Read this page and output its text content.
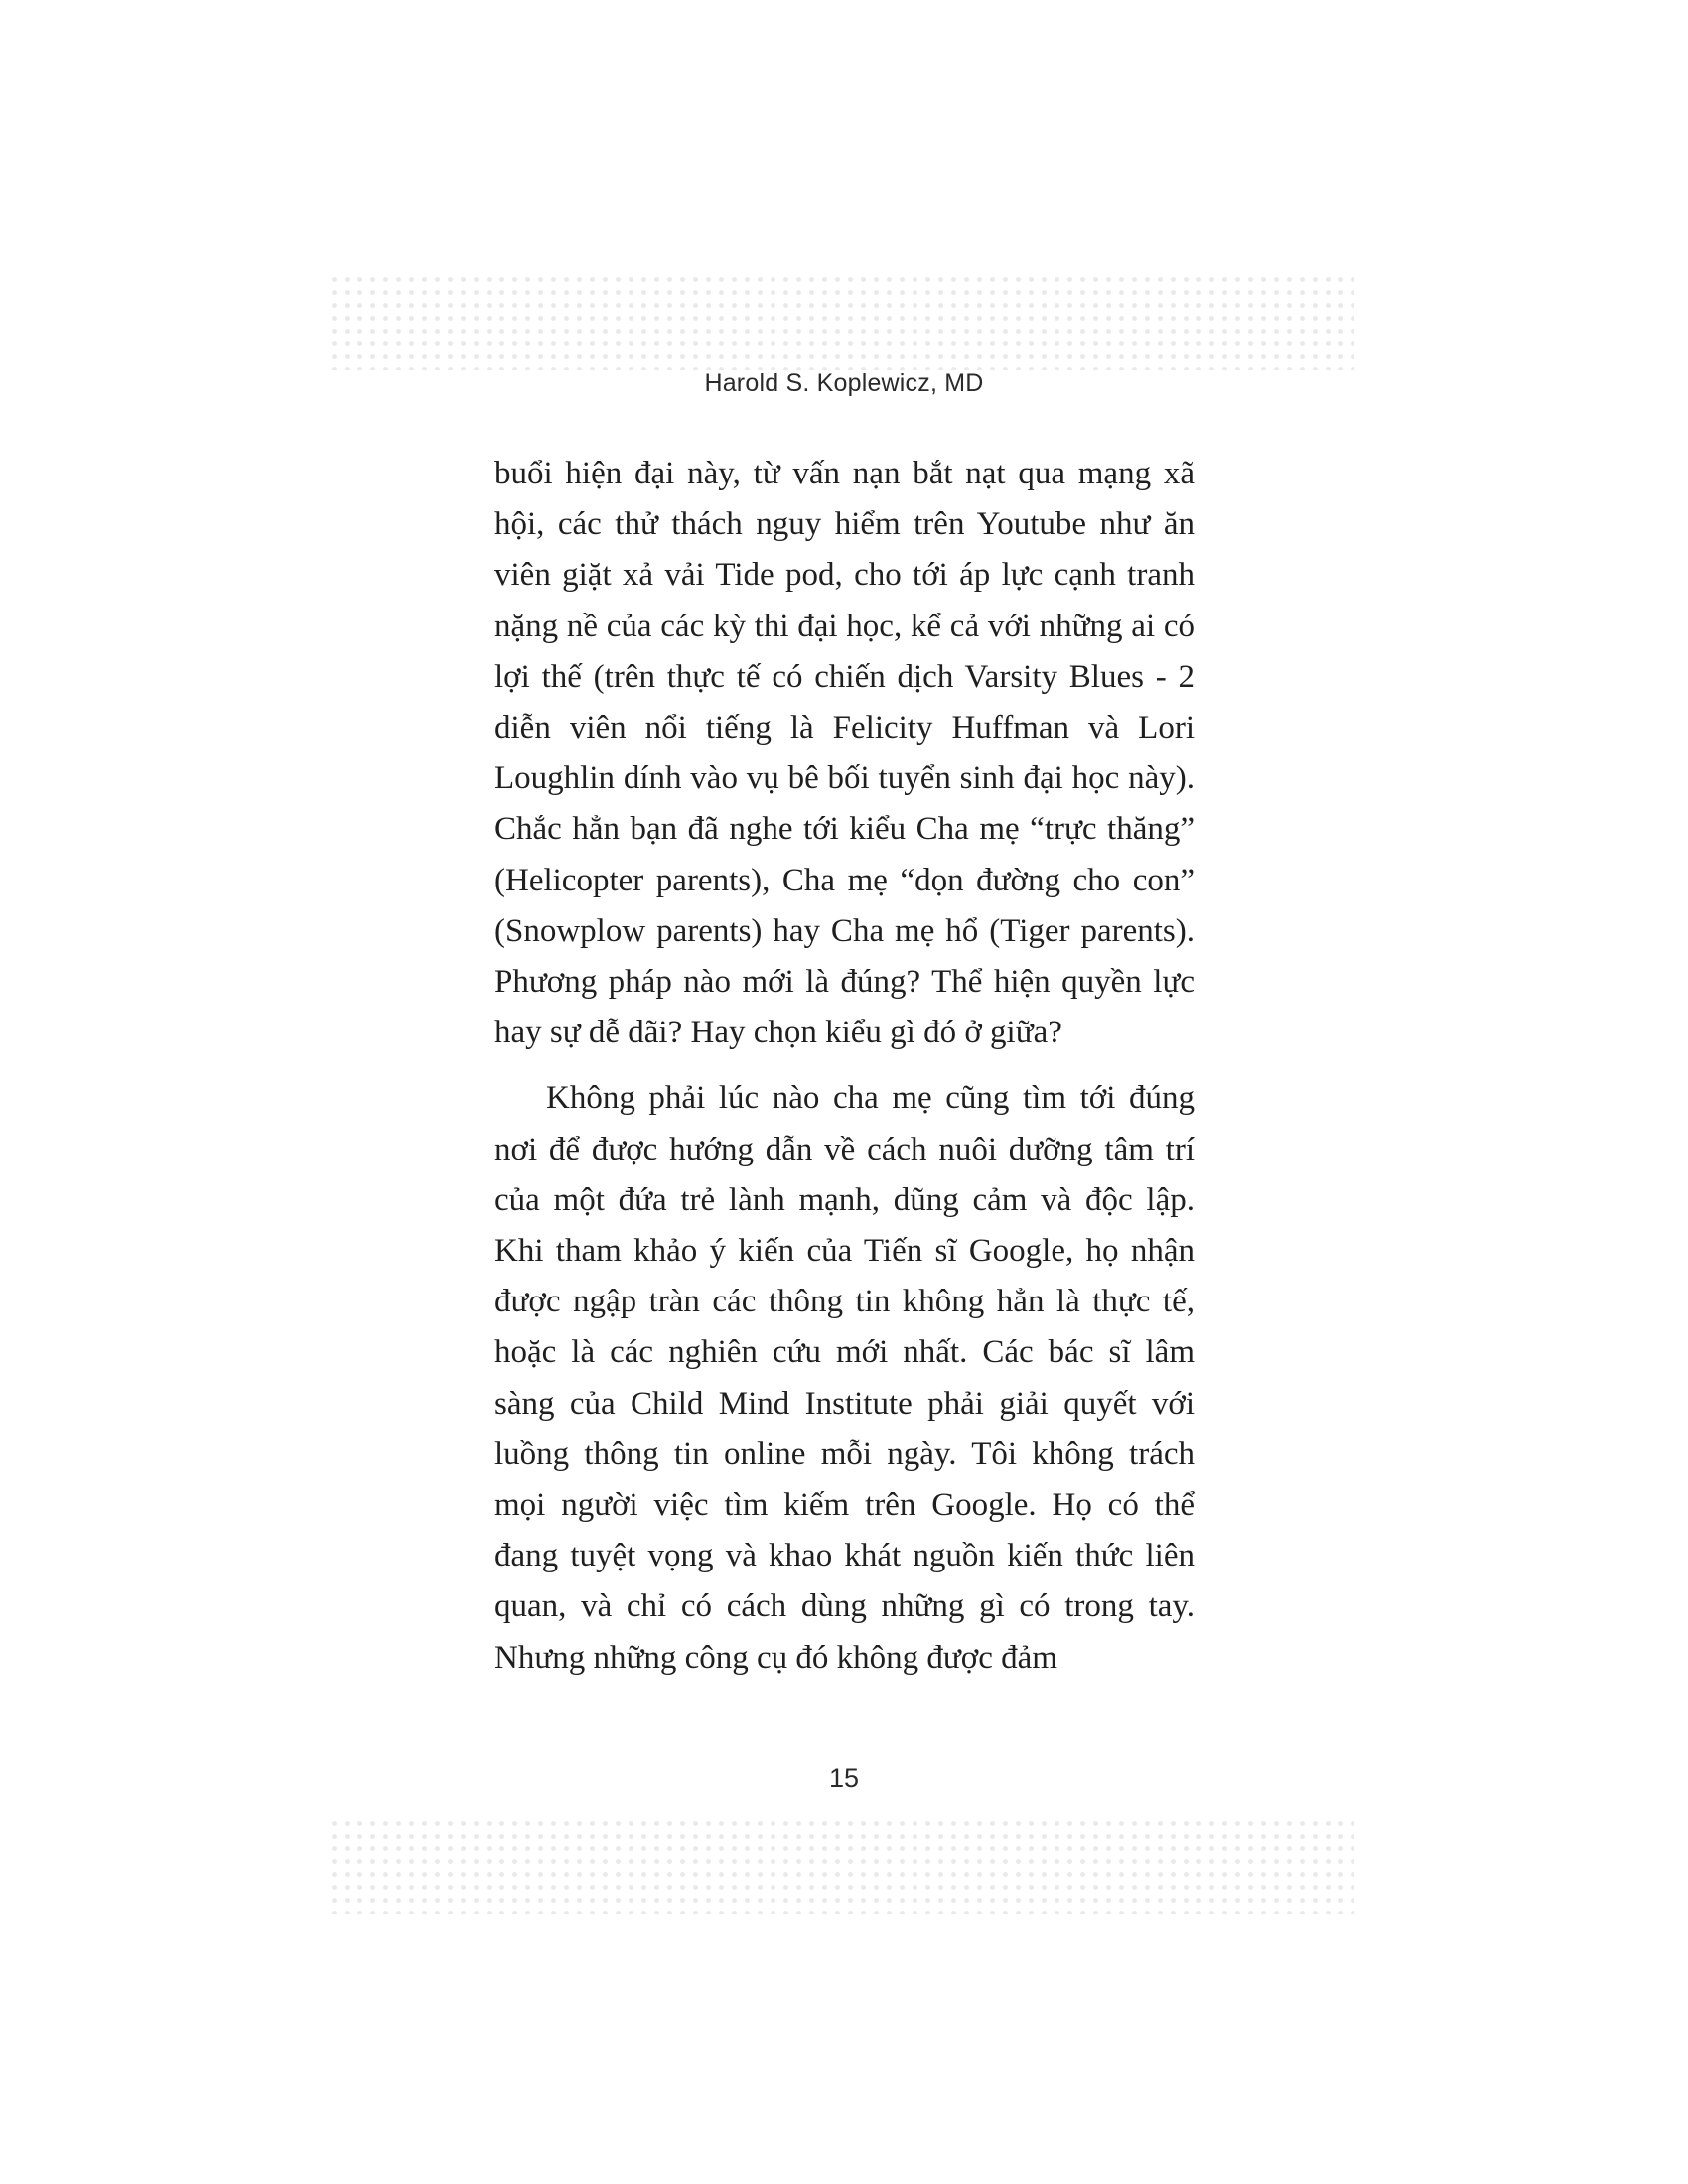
Harold S. Koplewicz, MD

buổi hiện đại này, từ vấn nạn bắt nạt qua mạng xã hội, các thử thách nguy hiểm trên Youtube như ăn viên giặt xả vải Tide pod, cho tới áp lực cạnh tranh nặng nề của các kỳ thi đại học, kể cả với những ai có lợi thế (trên thực tế có chiến dịch Varsity Blues - 2 diễn viên nổi tiếng là Felicity Huffman và Lori Loughlin dính vào vụ bê bối tuyển sinh đại học này). Chắc hẳn bạn đã nghe tới kiểu Cha mẹ “trực thăng” (Helicopter parents), Cha mẹ “dọn đường cho con” (Snowplow parents) hay Cha mẹ hổ (Tiger parents). Phương pháp nào mới là đúng? Thể hiện quyền lực hay sự dễ dãi? Hay chọn kiểu gì đó ở giữa?

Không phải lúc nào cha mẹ cũng tìm tới đúng nơi để được hướng dẫn về cách nuôi dưỡng tâm trí của một đứa trẻ lành mạnh, dũng cảm và độc lập. Khi tham khảo ý kiến của Tiến sĩ Google, họ nhận được ngập tràn các thông tin không hẳn là thực tế, hoặc là các nghiên cứu mới nhất. Các bác sĩ lâm sàng của Child Mind Institute phải giải quyết với luồng thông tin online mỗi ngày. Tôi không trách mọi người việc tìm kiếm trên Google. Họ có thể đang tuyệt vọng và khao khát nguồn kiến thức liên quan, và chỉ có cách dùng những gì có trong tay. Nhưng những công cụ đó không được đảm

15
